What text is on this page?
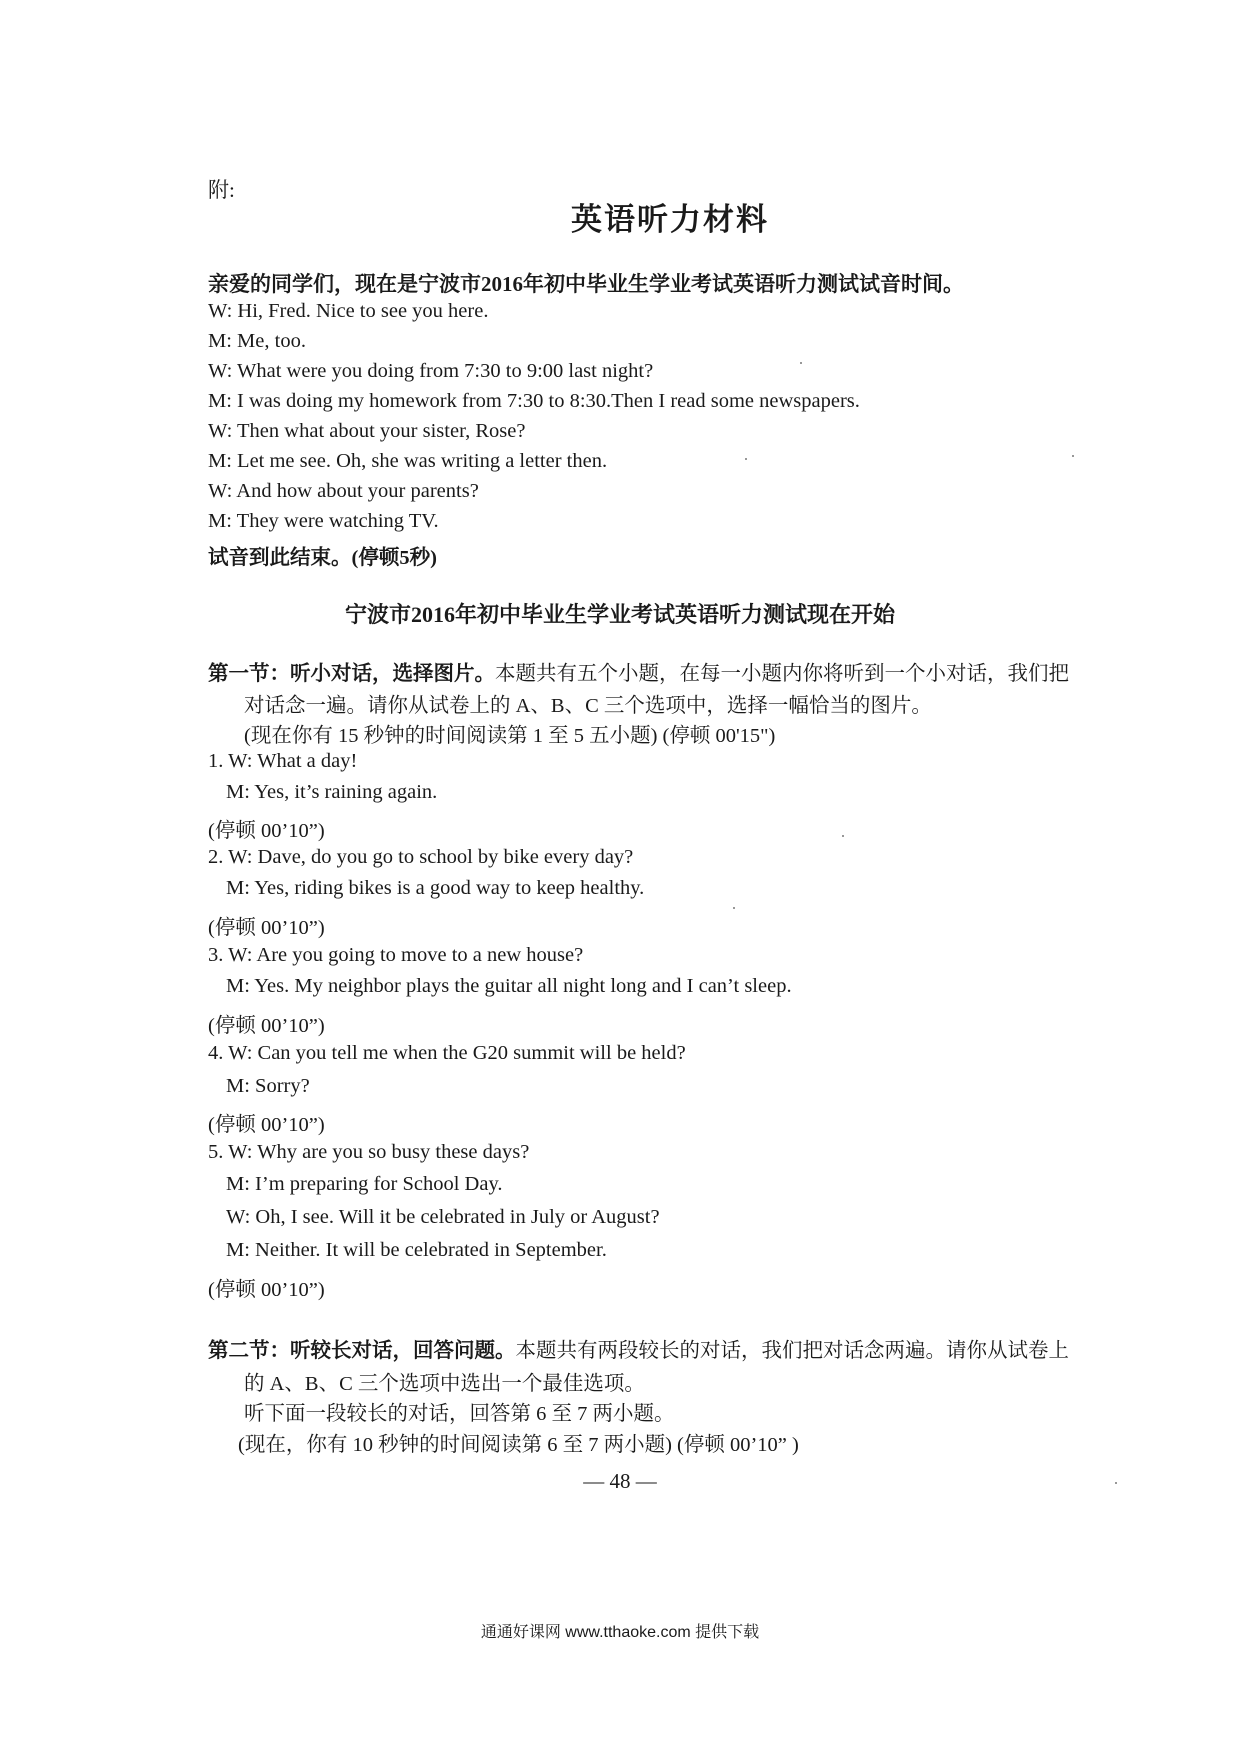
附:
英语听力材料
亲爱的同学们，现在是宁波市2016年初中毕业生学业考试英语听力测试试音时间。
W: Hi, Fred. Nice to see you here.
M: Me, too.
W: What were you doing from 7:30 to 9:00 last night?
M: I was doing my homework from 7:30 to 8:30.Then I read some newspapers.
W: Then what about your sister, Rose?
M: Let me see. Oh, she was writing a letter then.
W: And how about your parents?
M: They were watching TV.
试音到此结束。(停顿5秒)
宁波市2016年初中毕业生学业考试英语听力测试现在开始
第一节：听小对话，选择图片。本题共有五个小题，在每一小题内你将听到一个小对话，我们把
对话念一遍。请你从试卷上的 A、B、C 三个选项中，选择一幅恰当的图片。
(现在你有 15 秒钟的时间阅读第 1 至 5 五小题) (停顿 00'15")
1. W: What a day!
M: Yes, it’s raining again.
(停顿 00’10”)
2. W: Dave, do you go to school by bike every day?
M: Yes, riding bikes is a good way to keep healthy.
(停顿 00’10”)
3. W: Are you going to move to a new house?
M: Yes. My neighbor plays the guitar all night long and I can’t sleep.
(停顿 00’10”)
4. W: Can you tell me when the G20 summit will be held?
M: Sorry?
(停顿 00’10”)
5. W: Why are you so busy these days?
M: I’m preparing for School Day.
W: Oh, I see. Will it be celebrated in July or August?
M: Neither. It will be celebrated in September.
(停顿 00’10”)
第二节：听较长对话，回答问题。本题共有两段较长的对话，我们把对话念两遍。请你从试卷上
的 A、B、C 三个选项中选出一个最佳选项。
听下面一段较长的对话，回答第 6 至 7 两小题。
(现在，你有 10 秒钟的时间阅读第 6 至 7 两小题) (停顿 00’10” )
— 48 —
通通好课网 www.tthaoke.com 提供下载
